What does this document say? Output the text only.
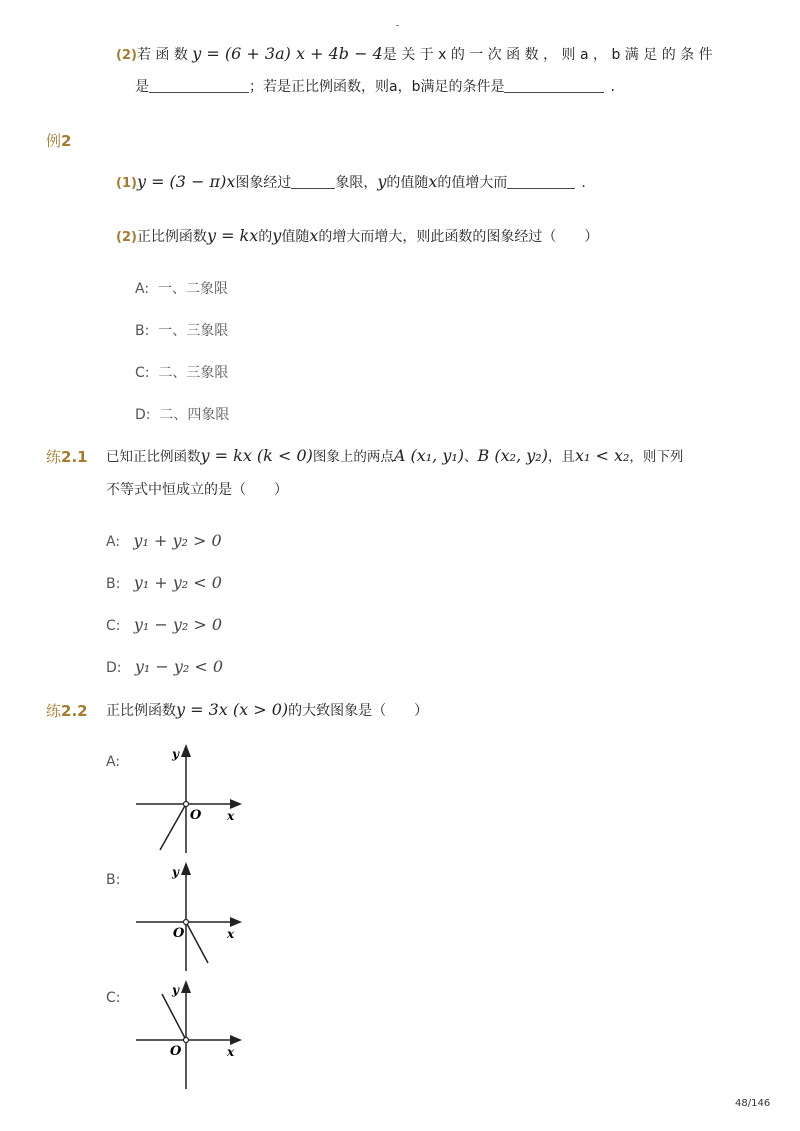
(2)若 函 数 y = (6 + 3a) x + 4b − 4是 关 于 x 的 一 次 函 数 ， 则 a ， b 满 足 的 条 件
是	；若是正比例函数，则a，b满足的条件是	.
例2
(1)y = (3 − π)x图象经过	象限，y的值随x的值增大而	.
(2)正比例函数y = kx的y值随x的增大而增大，则此函数的图象经过（　　）
A: 一、二象限
B: 一、三象限
C: 二、三象限
D: 二、四象限
练2.1 已知正比例函数y = kx (k < 0)图象上的两点A (x₁, y₁)、B (x₂, y₂)，且x₁ < x₂，则下列
不等式中恒成立的是（　　）
A: y₁ + y₂ > 0
B: y₁ + y₂ < 0
C: y₁ − y₂ > 0
D: y₁ − y₂ < 0
练2.2 正比例函数y = 3x (x > 0)的大致图象是（　　）
A:	y
x
O
B:	y
x
O
C:	y
x
O
48/146
